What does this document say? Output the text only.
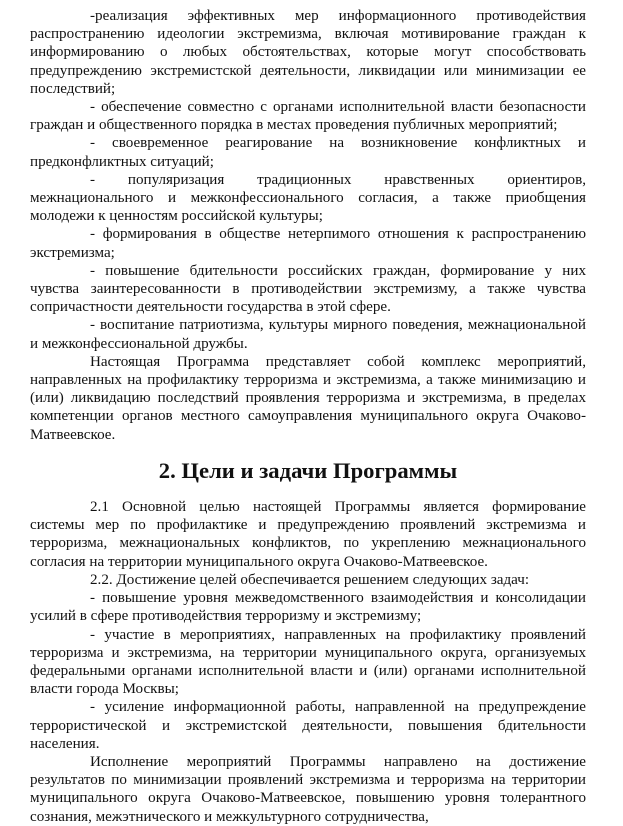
-реализация эффективных мер информационного противодействия распространению идеологии экстремизма, включая мотивирование граждан к информированию о любых обстоятельствах, которые могут способствовать предупреждению экстремистской деятельности, ликвидации или минимизации ее последствий;

- обеспечение совместно с органами исполнительной власти безопасности граждан и общественного порядка в местах проведения публичных мероприятий;

- своевременное реагирование на возникновение конфликтных и предконфликтных ситуаций;

- популяризация традиционных нравственных ориентиров, межнационального и межконфессионального согласия, а также приобщения молодежи к ценностям российской культуры;

- формирования в обществе нетерпимого отношения к распространению экстремизма;

- повышение бдительности российских граждан, формирование у них чувства заинтересованности в противодействии экстремизму, а также чувства сопричастности деятельности государства в этой сфере.

- воспитание патриотизма, культуры мирного поведения, межнациональной и межконфессиональной дружбы.

Настоящая Программа представляет собой комплекс мероприятий, направленных на профилактику терроризма и экстремизма, а также минимизацию и (или) ликвидацию последствий проявления терроризма и экстремизма, в пределах компетенции органов местного самоуправления муниципального округа Очаково-Матвеевское.

2. Цели и задачи Программы

2.1 Основной целью настоящей Программы является формирование системы мер по профилактике и предупреждению проявлений экстремизма и терроризма, межнациональных конфликтов, по укреплению межнационального согласия на территории муниципального округа Очаково-Матвеевское.

2.2. Достижение целей обеспечивается решением следующих задач:

- повышение уровня межведомственного взаимодействия и консолидации усилий в сфере противодействия терроризму и экстремизму;

- участие в мероприятиях, направленных на профилактику проявлений терроризма и экстремизма, на территории муниципального округа, организуемых федеральными органами исполнительной власти и (или) органами исполнительной власти города Москвы;

- усиление информационной работы, направленной на предупреждение террористической и экстремистской деятельности, повышения бдительности населения.

Исполнение мероприятий Программы направлено на достижение результатов по минимизации проявлений экстремизма и терроризма на территории муниципального округа Очаково-Матвеевское, повышению уровня толерантного сознания, межэтнического и межкультурного сотрудничества,
